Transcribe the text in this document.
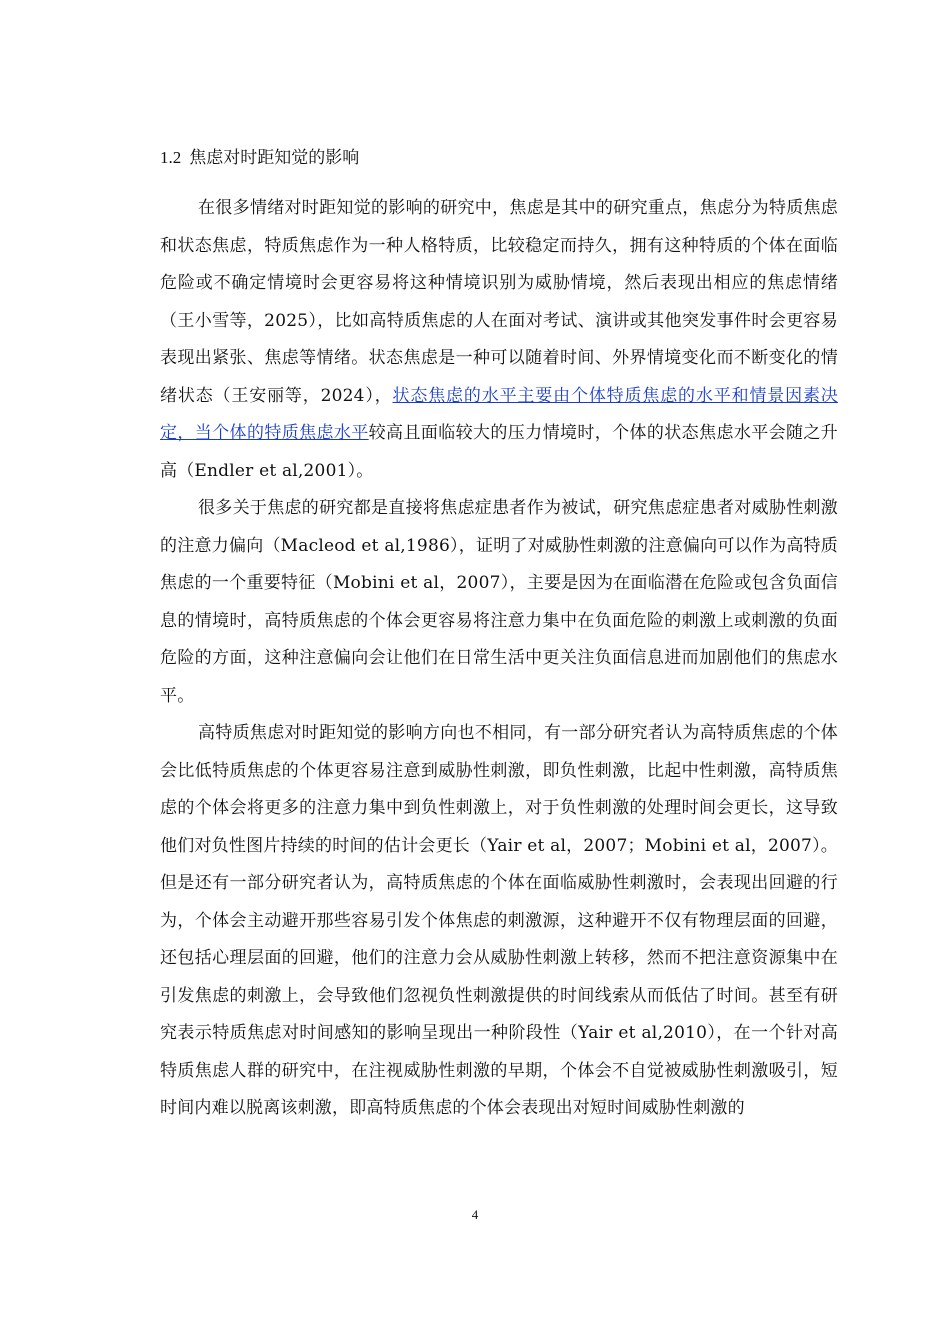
1.2 焦虑对时距知觉的影响

在很多情绪对时距知觉的影响的研究中，焦虑是其中的研究重点，焦虑分为特质焦虑和状态焦虑，特质焦虑作为一种人格特质，比较稳定而持久，拥有这种特质的个体在面临危险或不确定情境时会更容易将这种情境识别为威胁情境，然后表现出相应的焦虑情绪（王小雪等，2025），比如高特质焦虑的人在面对考试、演讲或其他突发事件时会更容易表现出紧张、焦虑等情绪。状态焦虑是一种可以随着时间、外界情境变化而不断变化的情绪状态（王安丽等，2024），状态焦虑的水平主要由个体特质焦虑的水平和情景因素决定，当个体的特质焦虑水平较高且面临较大的压力情境时，个体的状态焦虑水平会随之升高（Endler et al,2001）。

很多关于焦虑的研究都是直接将焦虑症患者作为被试，研究焦虑症患者对威胁性刺激的注意力偏向（Macleod et al,1986），证明了对威胁性刺激的注意偏向可以作为高特质焦虑的一个重要特征（Mobini et al，2007），主要是因为在面临潜在危险或包含负面信息的情境时，高特质焦虑的个体会更容易将注意力集中在负面危险的刺激上或刺激的负面危险的方面，这种注意偏向会让他们在日常生活中更关注负面信息进而加剧他们的焦虑水平。

高特质焦虑对时距知觉的影响方向也不相同，有一部分研究者认为高特质焦虑的个体会比低特质焦虑的个体更容易注意到威胁性刺激，即负性刺激，比起中性刺激，高特质焦虑的个体会将更多的注意力集中到负性刺激上，对于负性刺激的处理时间会更长，这导致他们对负性图片持续的时间的估计会更长（Yair et al，2007；Mobini et al，2007）。但是还有一部分研究者认为，高特质焦虑的个体在面临威胁性刺激时，会表现出回避的行为，个体会主动避开那些容易引发个体焦虑的刺激源，这种避开不仅有物理层面的回避，还包括心理层面的回避，他们的注意力会从威胁性刺激上转移，然而不把注意资源集中在引发焦虑的刺激上，会导致他们忽视负性刺激提供的时间线索从而低估了时间。甚至有研究表示特质焦虑对时间感知的影响呈现出一种阶段性（Yair et al,2010），在一个针对高特质焦虑人群的研究中，在注视威胁性刺激的早期，个体会不自觉被威胁性刺激吸引，短时间内难以脱离该刺激，即高特质焦虑的个体会表现出对短时间威胁性刺激的

4
